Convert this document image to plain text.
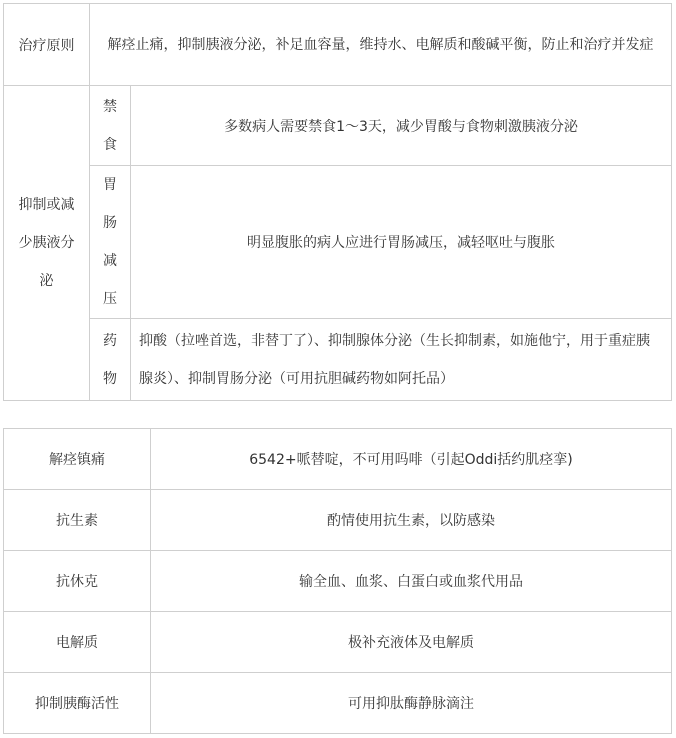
治疗原则	解痉止痛，抑制胰液分泌，补足血容量，维持水、电解质和酸碱平衡，防止和治疗并发症	
抑制或减少胰液分泌	禁食	多数病人需要禁食1～3天，减少胃酸与食物刺激胰液分泌
	胃肠减压	明显腹胀的病人应进行胃肠减压，减轻呕吐与腹胀
	药物	抑酸（拉唑首选，非替丁了）、抑制腺体分泌（生长抑制素，如施他宁，用于重症胰腺炎）、抑制胃肠分泌（可用抗胆碱药物如阿托品）
解痉镇痛	6542+哌替啶，不可用吗啡（引起Oddi括约肌痉挛)
抗生素	酌情使用抗生素，以防感染
抗休克	输全血、血浆、白蛋白或血浆代用品
电解质	极补充液体及电解质
抑制胰酶活性	可用抑肽酶静脉滴注
